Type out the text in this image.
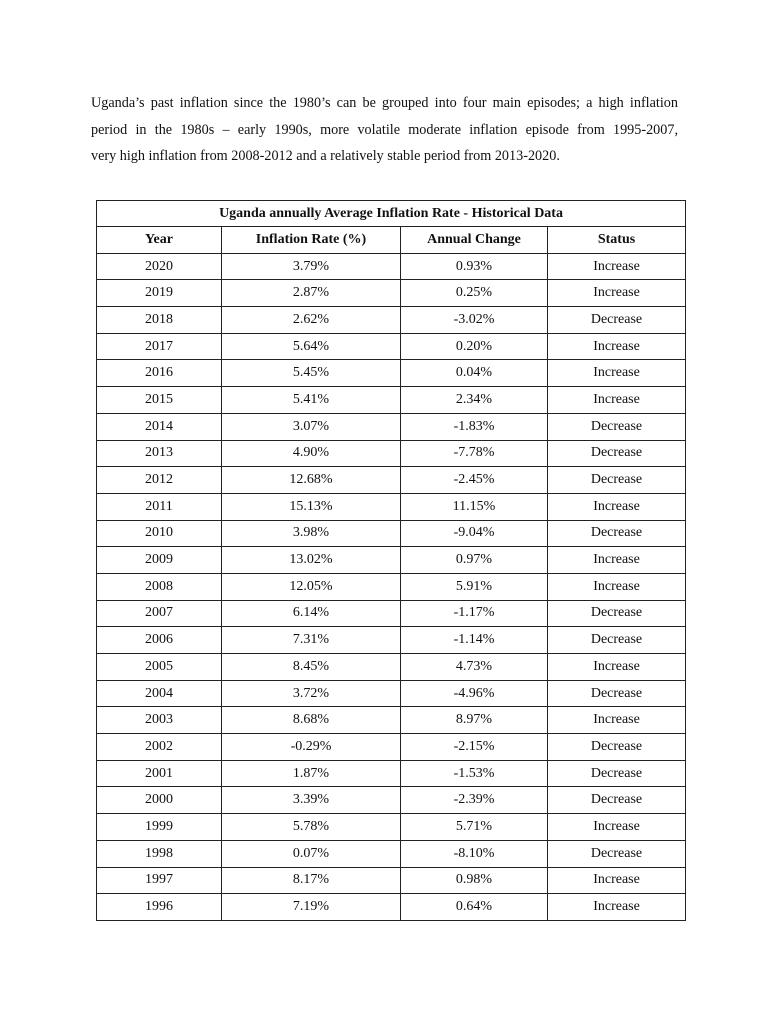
Uganda’s past inflation since the 1980’s can be grouped into four main episodes; a high inflation
period in the 1980s – early 1990s, more volatile moderate inflation episode from 1995-2007,
very high inflation from 2008-2012 and a relatively stable period from 2013-2020.

Uganda annually Average Inflation Rate - Historical Data			
Year	Inflation Rate (%)	Annual Change	Status
2020	3.79%	0.93%	Increase
2019	2.87%	0.25%	Increase
2018	2.62%	-3.02%	Decrease
2017	5.64%	0.20%	Increase
2016	5.45%	0.04%	Increase
2015	5.41%	2.34%	Increase
2014	3.07%	-1.83%	Decrease
2013	4.90%	-7.78%	Decrease
2012	12.68%	-2.45%	Decrease
2011	15.13%	11.15%	Increase
2010	3.98%	-9.04%	Decrease
2009	13.02%	0.97%	Increase
2008	12.05%	5.91%	Increase
2007	6.14%	-1.17%	Decrease
2006	7.31%	-1.14%	Decrease
2005	8.45%	4.73%	Increase
2004	3.72%	-4.96%	Decrease
2003	8.68%	8.97%	Increase
2002	-0.29%	-2.15%	Decrease
2001	1.87%	-1.53%	Decrease
2000	3.39%	-2.39%	Decrease
1999	5.78%	5.71%	Increase
1998	0.07%	-8.10%	Decrease
1997	8.17%	0.98%	Increase
1996	7.19%	0.64%	Increase
